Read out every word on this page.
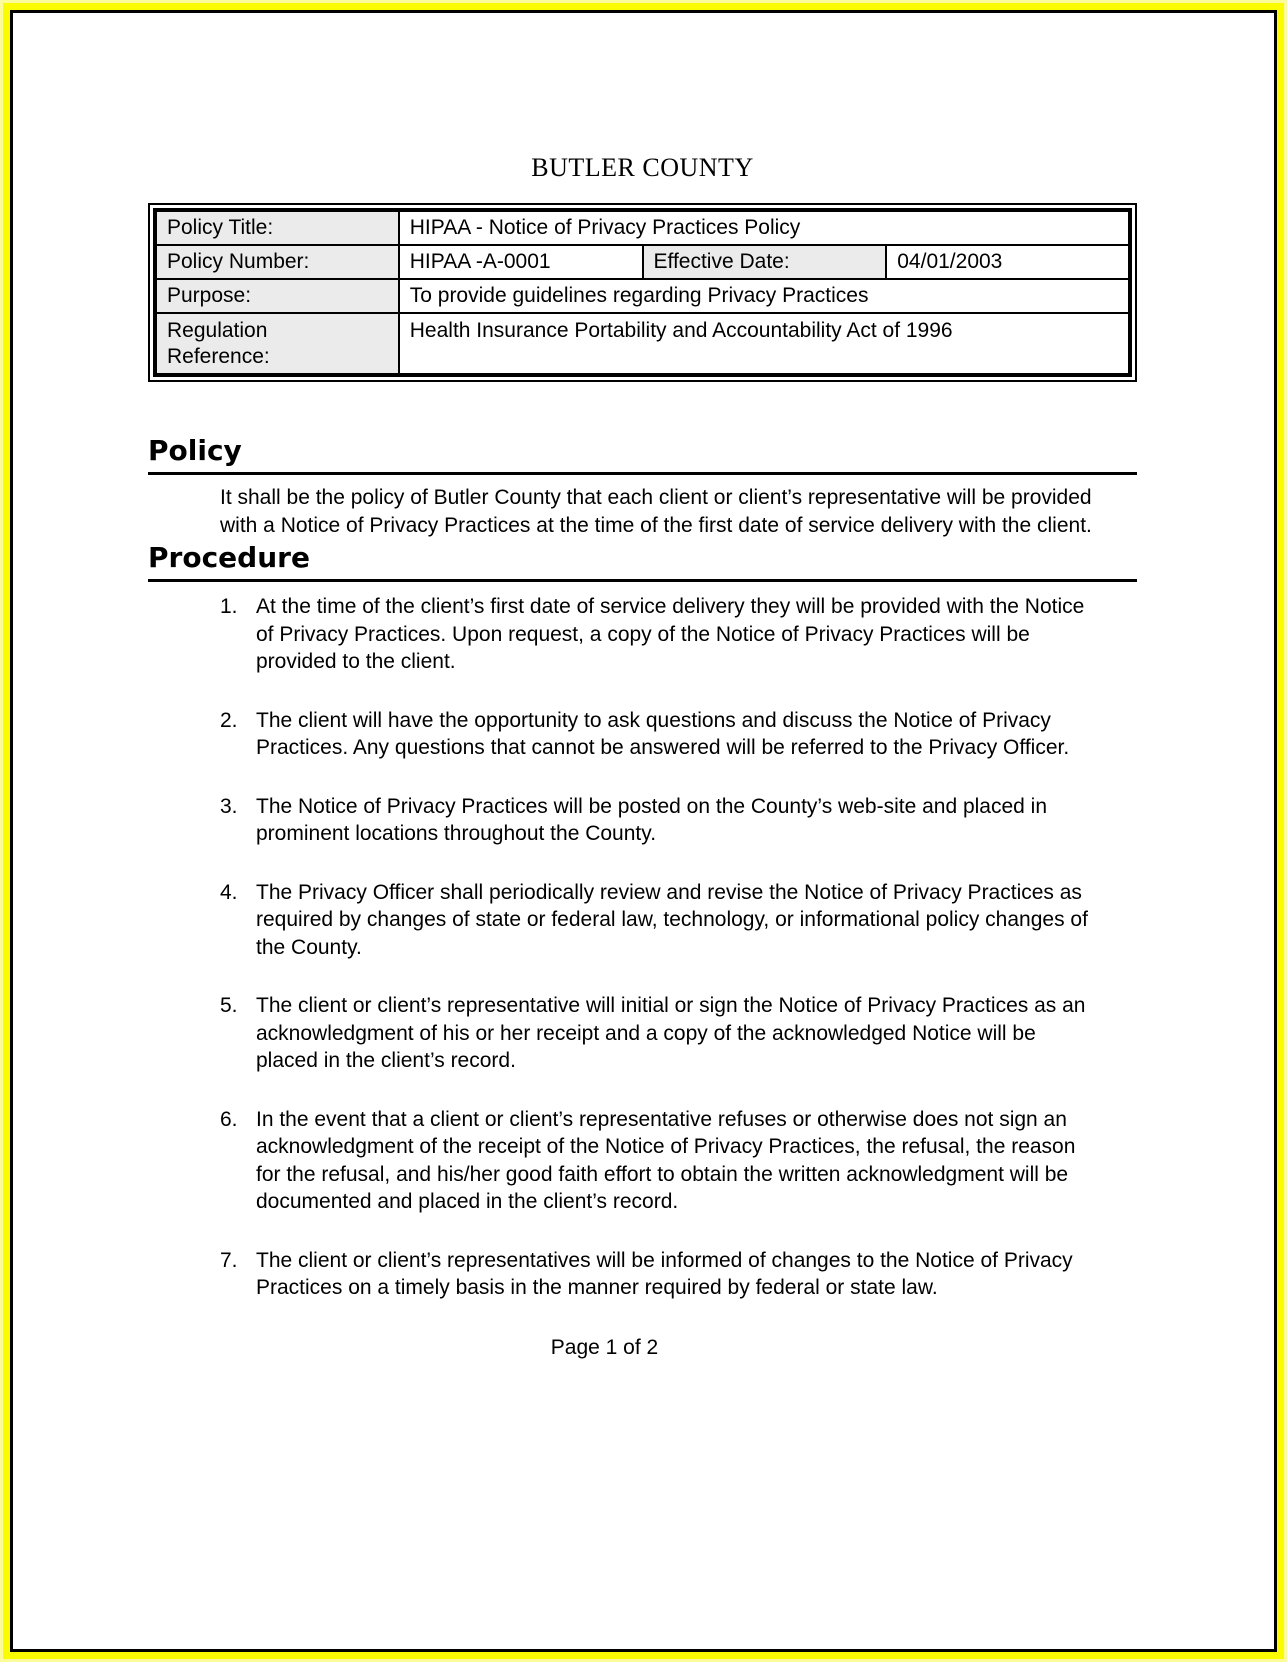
BUTLER COUNTY
Policy Title:	HIPAA - Notice of Privacy Practices Policy		
Policy Number:	HIPAA -A-0001	Effective Date:	04/01/2003
Purpose:	To provide guidelines regarding Privacy Practices		
Regulation Reference:	Health Insurance Portability and Accountability Act of 1996		
Policy

It shall be the policy of Butler County that each client or client’s representative will be provided with a Notice of Privacy Practices at the time of the first date of service delivery with the client.

Procedure
1. At the time of the client’s first date of service delivery they will be provided with the Notice of Privacy Practices. Upon request, a copy of the Notice of Privacy Practices will be provided to the client.
2. The client will have the opportunity to ask questions and discuss the Notice of Privacy Practices. Any questions that cannot be answered will be referred to the Privacy Officer.
3. The Notice of Privacy Practices will be posted on the County’s web-site and placed in prominent locations throughout the County.
4. The Privacy Officer shall periodically review and revise the Notice of Privacy Practices as required by changes of state or federal law, technology, or informational policy changes of the County.
5. The client or client’s representative will initial or sign the Notice of Privacy Practices as an acknowledgment of his or her receipt and a copy of the acknowledged Notice will be placed in the client’s record.
6. In the event that a client or client’s representative refuses or otherwise does not sign an acknowledgment of the receipt of the Notice of Privacy Practices, the refusal, the reason for the refusal, and his/her good faith effort to obtain the written acknowledgment will be documented and placed in the client’s record.
7. The client or client’s representatives will be informed of changes to the Notice of Privacy Practices on a timely basis in the manner required by federal or state law.
Page 1 of 2
